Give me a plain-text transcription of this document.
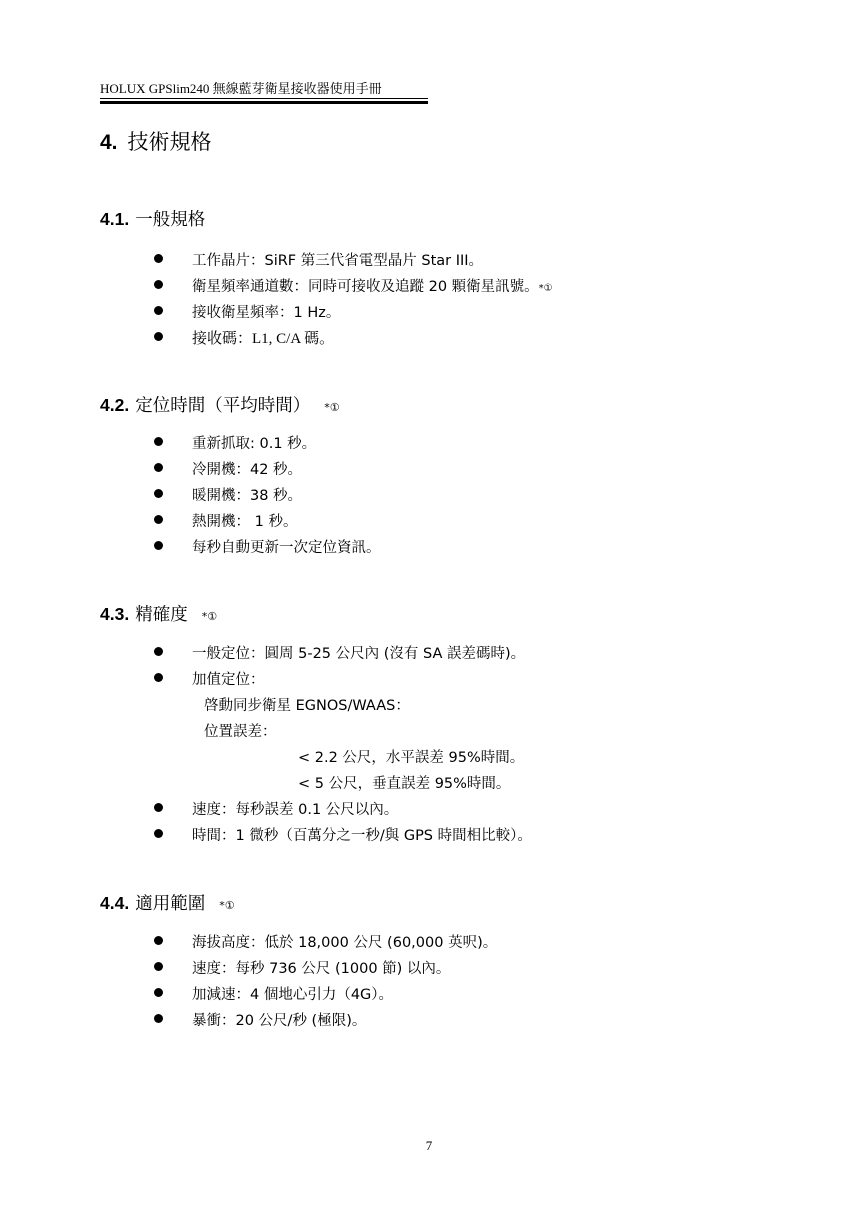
HOLUX GPSlim240 無線藍芽衛星接收器使用手冊
4. 技術規格
4.1. 一般規格
工作晶片：SiRF 第三代省電型晶片 Star III。
衛星頻率通道數：同時可接收及追蹤 20 顆衛星訊號。*①
接收衛星頻率：1 Hz。
接收碼：L1, C/A 碼。
4.2. 定位時間（平均時間） *①
重新抓取: 0.1 秒。
冷開機：42 秒。
暖開機：38 秒。
熱開機： 1 秒。
每秒自動更新一次定位資訊。
4.3. 精確度 *①
一般定位：圓周 5-25 公尺內 (沒有 SA 誤差碼時)。
加值定位：
啓動同步衛星 EGNOS/WAAS：
位置誤差：
< 2.2 公尺，水平誤差 95%時間。
< 5 公尺，垂直誤差 95%時間。
速度：每秒誤差 0.1 公尺以內。
時間：1 微秒（百萬分之一秒/與 GPS 時間相比較）。
4.4. 適用範圍 *①
海拔高度：低於 18,000 公尺 (60,000 英呎)。
速度：每秒 736 公尺 (1000 節) 以內。
加減速：4 個地心引力（4G）。
暴衝：20 公尺/秒 (極限)。
7
